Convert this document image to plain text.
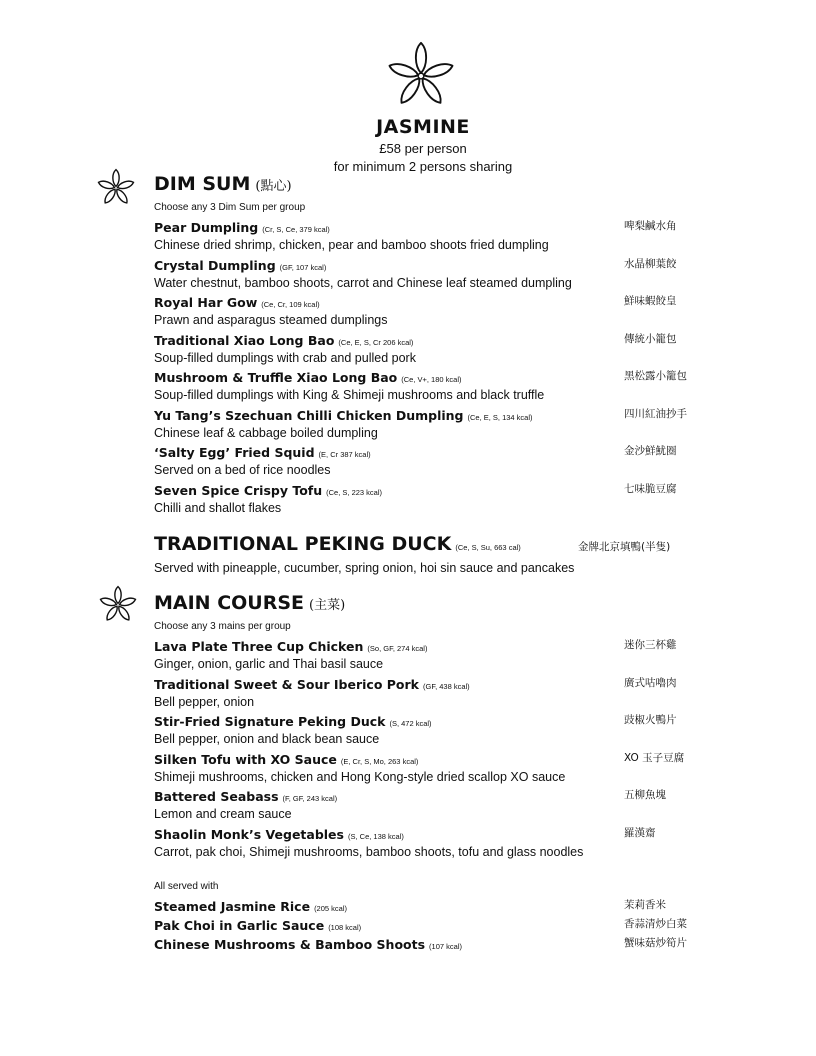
JASMINE
£58 per person
for minimum 2 persons sharing
DIM SUM (點心)
Choose any 3 Dim Sum per group
Pear Dumpling (Cr, S, Ce, 379 kcal)	啤梨鹹水角
Chinese dried shrimp, chicken, pear and bamboo shoots fried dumpling
Crystal Dumpling (GF, 107 kcal)	水晶柳葉餃
Water chestnut, bamboo shoots, carrot and Chinese leaf steamed dumpling
Royal Har Gow (Ce, Cr, 109 kcal)	鮮味蝦餃皇
Prawn and asparagus steamed dumplings
Traditional Xiao Long Bao (Ce, E, S, Cr 206 kcal)	傳統小籠包
Soup-filled dumplings with crab and pulled pork
Mushroom & Truffle Xiao Long Bao (Ce, V+, 180 kcal)	黑松露小籠包
Soup-filled dumplings with King & Shimeji mushrooms and black truffle
Yu Tang’s Szechuan Chilli Chicken Dumpling (Ce, E, S, 134 kcal)	四川紅油抄手
Chinese leaf & cabbage boiled dumpling
‘Salty Egg’ Fried Squid (E, Cr 387 kcal)	金沙鮮魷圈
Served on a bed of rice noodles
Seven Spice Crispy Tofu (Ce, S, 223 kcal)	七味脆豆腐
Chilli and shallot flakes
TRADITIONAL PEKING DUCK (Ce, S, Su, 663 cal)	金牌北京填鴨(半隻)
Served with pineapple, cucumber, spring onion, hoi sin sauce and pancakes
MAIN COURSE (主菜)
Choose any 3 mains per group
Lava Plate Three Cup Chicken (So, GF, 274 kcal)	迷你三杯雞
Ginger, onion, garlic and Thai basil sauce
Traditional Sweet & Sour Iberico Pork (GF, 438 kcal)	廣式咕嚕肉
Bell pepper, onion
Stir-Fried Signature Peking Duck (S, 472 kcal)	豉椒火鴨片
Bell pepper, onion and black bean sauce
Silken Tofu with XO Sauce (E, Cr, S, Mo, 263 kcal)	XO 玉子豆腐
Shimeji mushrooms, chicken and Hong Kong-style dried scallop XO sauce
Battered Seabass (F, GF, 243 kcal)	五柳魚塊
Lemon and cream sauce
Shaolin Monk’s Vegetables (S, Ce, 138 kcal)	羅漢齋
Carrot, pak choi, Shimeji mushrooms, bamboo shoots, tofu and glass noodles
All served with
Steamed Jasmine Rice (205 kcal)	茉莉香米
Pak Choi in Garlic Sauce (108 kcal)	香蒜清炒白菜
Chinese Mushrooms & Bamboo Shoots (107 kcal)	蟹味菇炒筍片
